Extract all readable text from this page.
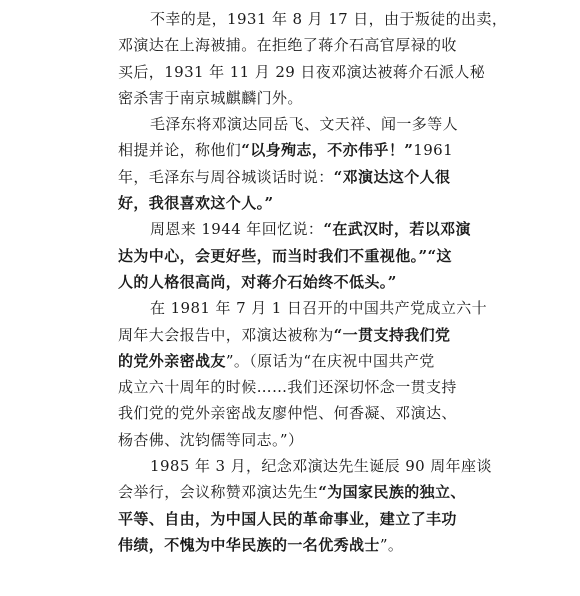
不幸的是，1931 年 8 月 17 日，由于叛徒的出卖，
邓演达在上海被捕。在拒绝了蒋介石高官厚禄的收
买后，1931 年 11 月 29 日夜邓演达被蒋介石派人秘
密杀害于南京城麒麟门外。
毛泽东将邓演达同岳飞、文天祥、闻一多等人
相提并论，称他们“以身殉志，不亦伟乎！”1961
年，毛泽东与周谷城谈话时说：“邓演达这个人很
好，我很喜欢这个人。”
周恩来 1944 年回忆说：“在武汉时，若以邓演
达为中心，会更好些，而当时我们不重视他。”“这
人的人格很高尚，对蒋介石始终不低头。”
在 1981 年 7 月 1 日召开的中国共产党成立六十
周年大会报告中，邓演达被称为“一贯支持我们党
的党外亲密战友”。（原话为“在庆祝中国共产党
成立六十周年的时候……我们还深切怀念一贯支持
我们党的党外亲密战友廖仲恺、何香凝、邓演达、
杨杏佛、沈钧儒等同志。”）
1985 年 3 月，纪念邓演达先生诞辰 90 周年座谈
会举行，会议称赞邓演达先生“为国家民族的独立、
平等、自由，为中国人民的革命事业，建立了丰功
伟绩，不愧为中华民族的一名优秀战士”。
